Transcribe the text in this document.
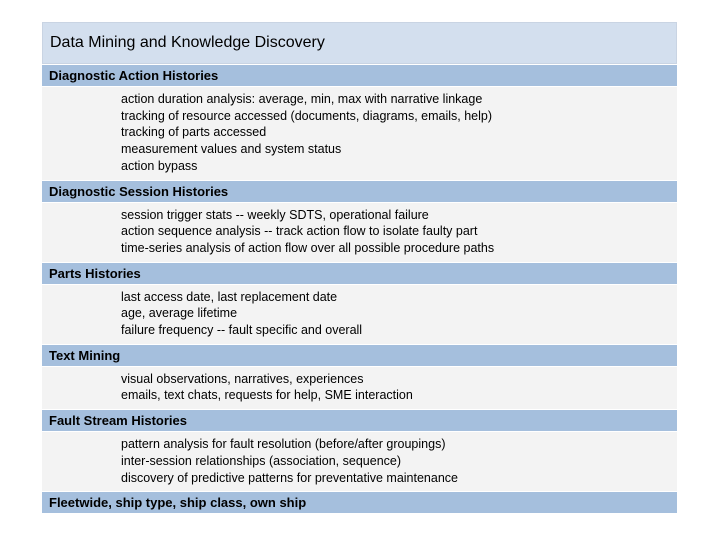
Data Mining and Knowledge Discovery
Diagnostic Action Histories
action duration analysis: average, min, max with narrative linkage
tracking of resource accessed (documents, diagrams, emails, help)
tracking of parts accessed
measurement values and system status
action bypass
Diagnostic Session Histories
session trigger stats -- weekly SDTS, operational failure
action sequence analysis -- track action flow to isolate faulty part
time-series analysis of action flow over all possible procedure paths
Parts Histories
last access date, last replacement date
age, average lifetime
failure frequency -- fault specific and overall
Text Mining
visual observations, narratives, experiences
emails, text chats, requests for help, SME interaction
Fault Stream Histories
pattern analysis for fault resolution (before/after groupings)
inter-session relationships (association, sequence)
discovery of predictive patterns for preventative maintenance
Fleetwide, ship type, ship class, own ship
